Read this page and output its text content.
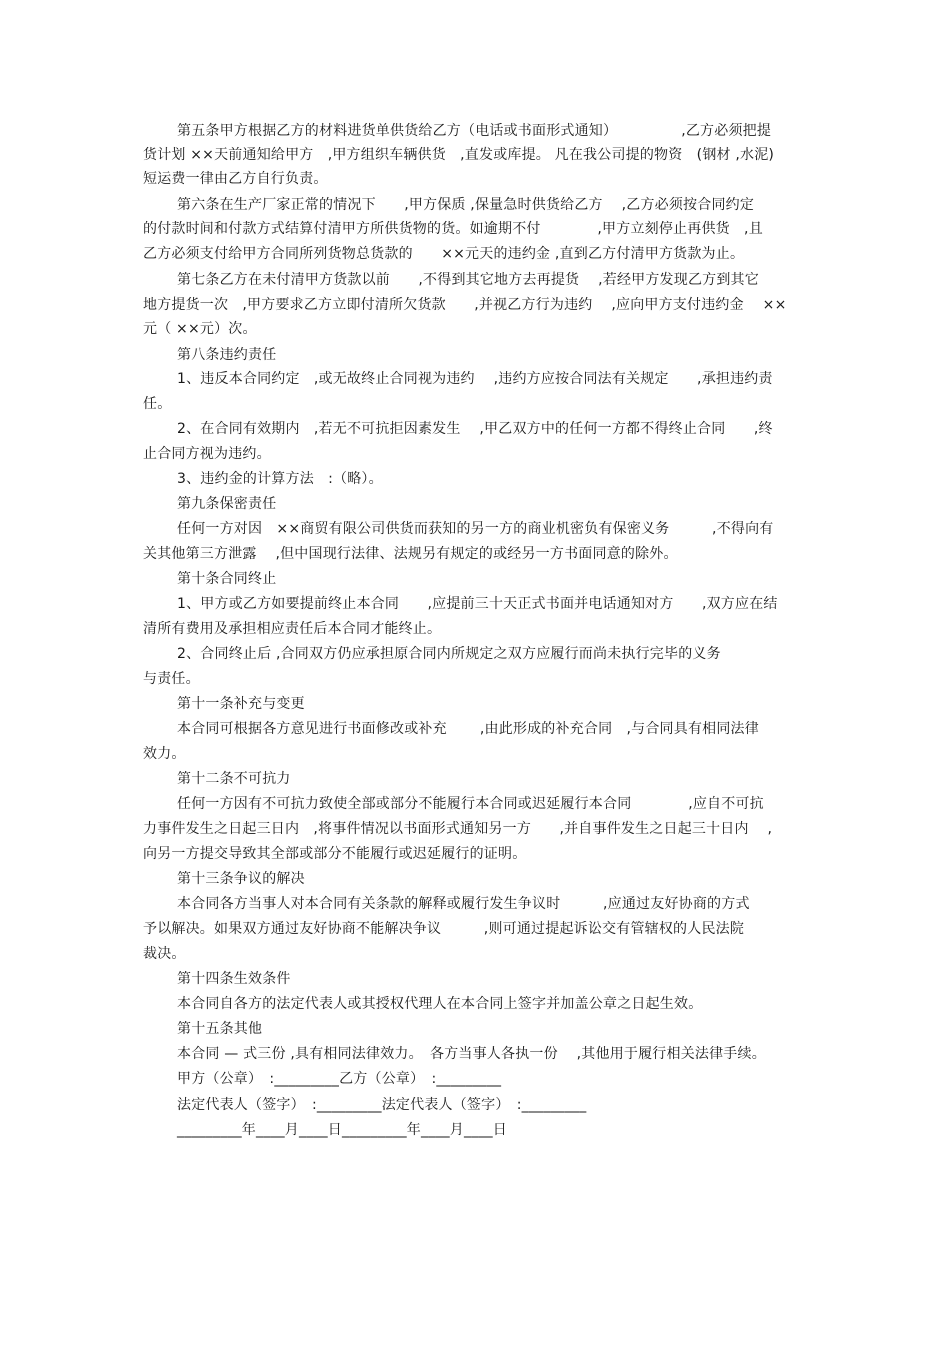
第五条甲方根据乙方的材料进货单供货给乙方（电话或书面形式通知）　　　　　,乙方必须把提
货计划 ××天前通知给甲方　,甲方组织车辆供货　,直发或库提。 凡在我公司提的物资　(钢材 ,水泥)
短运费一律由乙方自行负责。
第六条在生产厂家正常的情况下　　,甲方保质 ,保量急时供货给乙方　 ,乙方必须按合同约定
的付款时间和付款方式结算付清甲方所供货物的货。如逾期不付　　　　,甲方立刻停止再供货　,且
乙方必须支付给甲方合同所列货物总货款的　　××元天的违约金 ,直到乙方付清甲方货款为止。
第七条乙方在未付清甲方货款以前　　,不得到其它地方去再提货　 ,若经甲方发现乙方到其它
地方提货一次　,甲方要求乙方立即付清所欠货款　　,并视乙方行为违约　 ,应向甲方支付违约金　 ××
元（ ××元）次。
第八条违约责任
1、违反本合同约定　,或无故终止合同视为违约　 ,违约方应按合同法有关规定　　,承担违约责
任。
2、在合同有效期内　,若无不可抗拒因素发生　 ,甲乙双方中的任何一方都不得终止合同　　,终
止合同方视为违约。
3、违约金的计算方法　:（略）。
第九条保密责任
任何一方对因　××商贸有限公司供货而获知的另一方的商业机密负有保密义务　　　,不得向有
关其他第三方泄露　 ,但中国现行法律、法规另有规定的或经另一方书面同意的除外。
第十条合同终止
1、甲方或乙方如要提前终止本合同　　,应提前三十天正式书面并电话通知对方　　,双方应在结
清所有费用及承担相应责任后本合同才能终止。
2、合同终止后 ,合同双方仍应承担原合同内所规定之双方应履行而尚未执行完毕的义务
与责任。
第十一条补充与变更
本合同可根据各方意见进行书面修改或补充　　 ,由此形成的补充合同　,与合同具有相同法律
效力。
第十二条不可抗力
任何一方因有不可抗力致使全部或部分不能履行本合同或迟延履行本合同　　　　,应自不可抗
力事件发生之日起三日内　,将事件情况以书面形式通知另一方　　,并自事件发生之日起三十日内　 ,
向另一方提交导致其全部或部分不能履行或迟延履行的证明。
第十三条争议的解决
本合同各方当事人对本合同有关条款的解释或履行发生争议时　　　,应通过友好协商的方式
予以解决。如果双方通过友好协商不能解决争议　　　,则可通过提起诉讼交有管辖权的人民法院
裁决。
第十四条生效条件
本合同自各方的法定代表人或其授权代理人在本合同上签字并加盖公章之日起生效。
第十五条其他
本合同 — 式三份 ,具有相同法律效力。　各方当事人各执一份　 ,其他用于履行相关法律手续。
甲方（公章）　:_________乙方（公章）　:_________
法定代表人（签字）　:_________法定代表人（签字）　:_________
_________年____月____日_________年____月____日
